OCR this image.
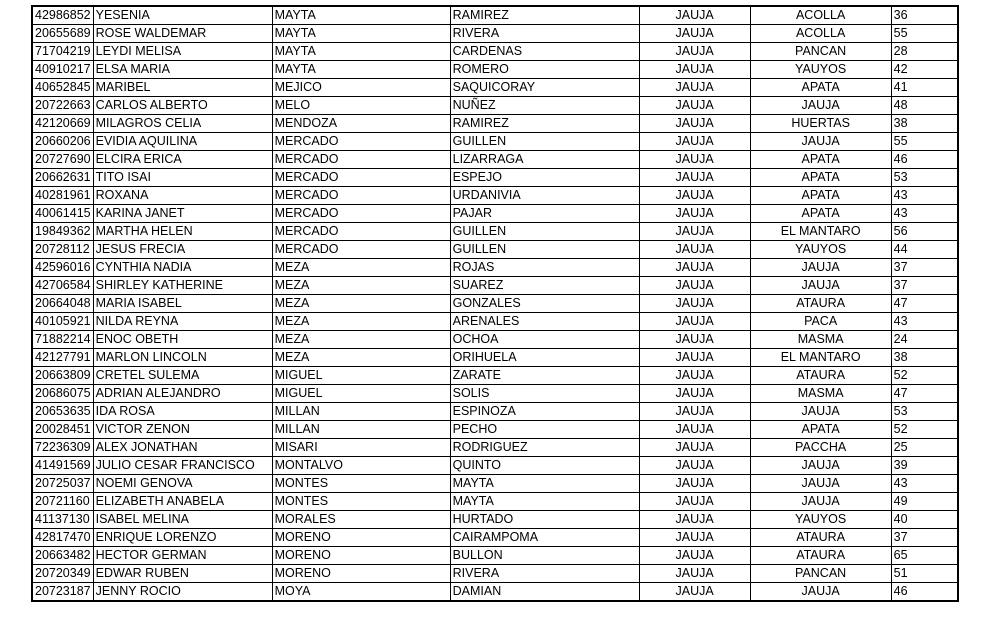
42986852	YESENIA	MAYTA	RAMIREZ	JAUJA	ACOLLA	36
20655689	ROSE WALDEMAR	MAYTA	RIVERA	JAUJA	ACOLLA	55
71704219	LEYDI MELISA	MAYTA	CARDENAS	JAUJA	PANCAN	28
40910217	ELSA MARIA	MAYTA	ROMERO	JAUJA	YAUYOS	42
40652845	MARIBEL	MEJICO	SAQUICORAY	JAUJA	APATA	41
20722663	CARLOS ALBERTO	MELO	NUÑEZ	JAUJA	JAUJA	48
42120669	MILAGROS CELIA	MENDOZA	RAMIREZ	JAUJA	HUERTAS	38
20660206	EVIDIA AQUILINA	MERCADO	GUILLEN	JAUJA	JAUJA	55
20727690	ELCIRA ERICA	MERCADO	LIZARRAGA	JAUJA	APATA	46
20662631	TITO ISAI	MERCADO	ESPEJO	JAUJA	APATA	53
40281961	ROXANA	MERCADO	URDANIVIA	JAUJA	APATA	43
40061415	KARINA JANET	MERCADO	PAJAR	JAUJA	APATA	43
19849362	MARTHA HELEN	MERCADO	GUILLEN	JAUJA	EL MANTARO	56
20728112	JESUS FRECIA	MERCADO	GUILLEN	JAUJA	YAUYOS	44
42596016	CYNTHIA NADIA	MEZA	ROJAS	JAUJA	JAUJA	37
42706584	SHIRLEY KATHERINE	MEZA	SUAREZ	JAUJA	JAUJA	37
20664048	MARIA ISABEL	MEZA	GONZALES	JAUJA	ATAURA	47
40105921	NILDA REYNA	MEZA	ARENALES	JAUJA	PACA	43
71882214	ENOC OBETH	MEZA	OCHOA	JAUJA	MASMA	24
42127791	MARLON LINCOLN	MEZA	ORIHUELA	JAUJA	EL MANTARO	38
20663809	CRETEL SULEMA	MIGUEL	ZARATE	JAUJA	ATAURA	52
20686075	ADRIAN ALEJANDRO	MIGUEL	SOLIS	JAUJA	MASMA	47
20653635	IDA ROSA	MILLAN	ESPINOZA	JAUJA	JAUJA	53
20028451	VICTOR ZENON	MILLAN	PECHO	JAUJA	APATA	52
72236309	ALEX JONATHAN	MISARI	RODRIGUEZ	JAUJA	PACCHA	25
41491569	JULIO CESAR FRANCISCO	MONTALVO	QUINTO	JAUJA	JAUJA	39
20725037	NOEMI GENOVA	MONTES	MAYTA	JAUJA	JAUJA	43
20721160	ELIZABETH ANABELA	MONTES	MAYTA	JAUJA	JAUJA	49
41137130	ISABEL MELINA	MORALES	HURTADO	JAUJA	YAUYOS	40
42817470	ENRIQUE LORENZO	MORENO	CAIRAMPOMA	JAUJA	ATAURA	37
20663482	HECTOR GERMAN	MORENO	BULLON	JAUJA	ATAURA	65
20720349	EDWAR RUBEN	MORENO	RIVERA	JAUJA	PANCAN	51
20723187	JENNY ROCIO	MOYA	DAMIAN	JAUJA	JAUJA	46
